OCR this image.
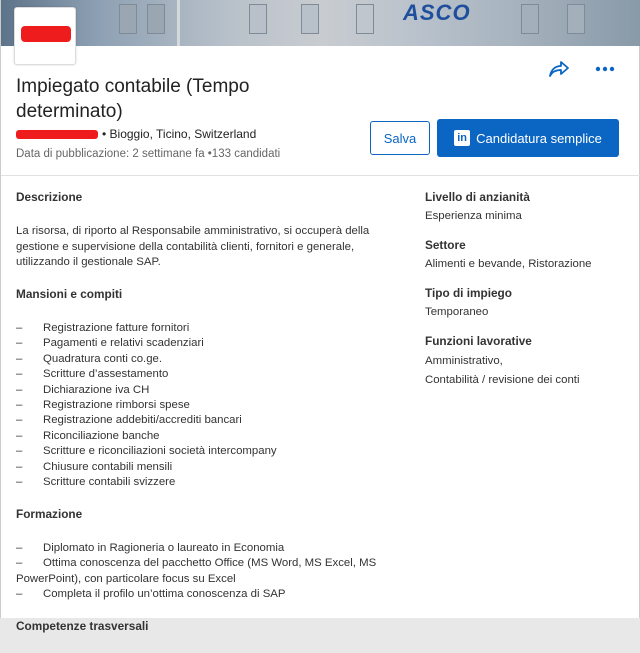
ASCO
Impiegato contabile (Tempo determinato)
• Bioggio, Ticino, Switzerland
Data di pubblicazione: 2 settimane fa •133 candidati
Salva	in Candidatura semplice
Descrizione

La risorsa, di riporto al Responsabile amministrativo, si occuperà della gestione e supervisione della contabilità clienti, fornitori e generale, utilizzando il gestionale SAP.

Mansioni e compiti
–	Registrazione fatture fornitori
–	Pagamenti e relativi scadenziari
–	Quadratura conti co.ge.
–	Scritture d’assestamento
–	Dichiarazione iva CH
–	Registrazione rimborsi spese
–	Registrazione addebiti/accrediti bancari
–	Riconciliazione banche
–	Scritture e riconciliazioni società intercompany
–	Chiusure contabili mensili
–	Scritture contabili svizzere
Formazione
–	Diplomato in Ragioneria o laureato in Economia
– Ottima conoscenza del pacchetto Office (MS Word, MS Excel, MS PowerPoint), con particolare focus su Excel
–	Completa il profilo un’ottima conoscenza di SAP
Competenze trasversali
Livello di anzianità
Esperienza minima
Settore
Alimenti e bevande, Ristorazione
Tipo di impiego
Temporaneo
Funzioni lavorative
Amministrativo,
Contabilità / revisione dei conti
